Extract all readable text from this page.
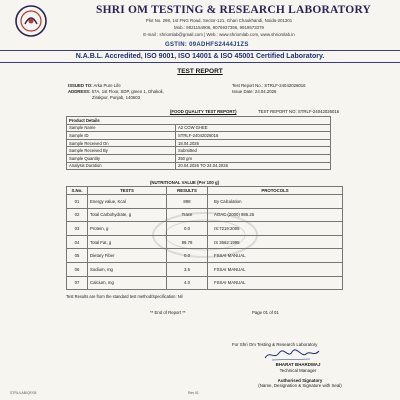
SHRI OM TESTING & RESEARCH LABORATORY
Plot No. 298, 1st FNG Road, Sector-121, Ghari Chaukhandi, Noida-201301
Mob.: 9821154906, 9076937396, 9919573379
E-mail : shriomlab@gmail.com | Web.: www.shriomlab.com, www.shriomlab.in
GSTIN: 09ADHFS2444J1ZS
N.A.B.L. Accredited, ISO 9001, ISO 14001 & ISO 45001 Certified Laboratory.
TEST REPORT
ISSUED TO: Arka Pure Life
ADDRESS: 57A, 1st Floor, SDP, green 1, Dhakoli,
Zirakpur, Punjab, 140603
Test Report No.: STRLF-24042026016
Issue Date: 24.04.2026
(FOOD QUALITY TEST REPORT)	TEST REPORT NO: STRLF-24042026016
Product Details	
Sample Name	A2 COW GHEE
Sample ID	STRLF-24042026016
Sample Received On	18.04.2026
Sample Received By	Submitted
Sample Quantity	250 gm
Analysis Duration	20.04.2026 TO 24.04.2026
(NUTRITIONAL VALUE (Per 100 g)
S.No.	TESTS	RESULTS	PROTOCOLS
01	Energy value, Kcal	898	By Calculation
02	Total Carbohydrate, g	Trace	AOAC (2000) 986.25
03	Protein, g	0.0	IS:7219:2005
04	Total Fat, g	99.78	IS 3562:1998
05	Dietary Fiber	0.0	FSSAI MANUAL
06	Sodium, mg	3.5	FSSAI MANUAL
07	Calcium, mg	4.0	FSSAI MANUAL
Test Results are from the standard test method/Specification: Nil
** End of Report **	Page 01 of 01
For Shri Om Testing & Research Laboratory
BHARAT BHARDWAJ
Technical Manager
Authorised Signatory
(Name, Designation & Signature with Seal)
STRL/LAB/QF/05	Rev 01
